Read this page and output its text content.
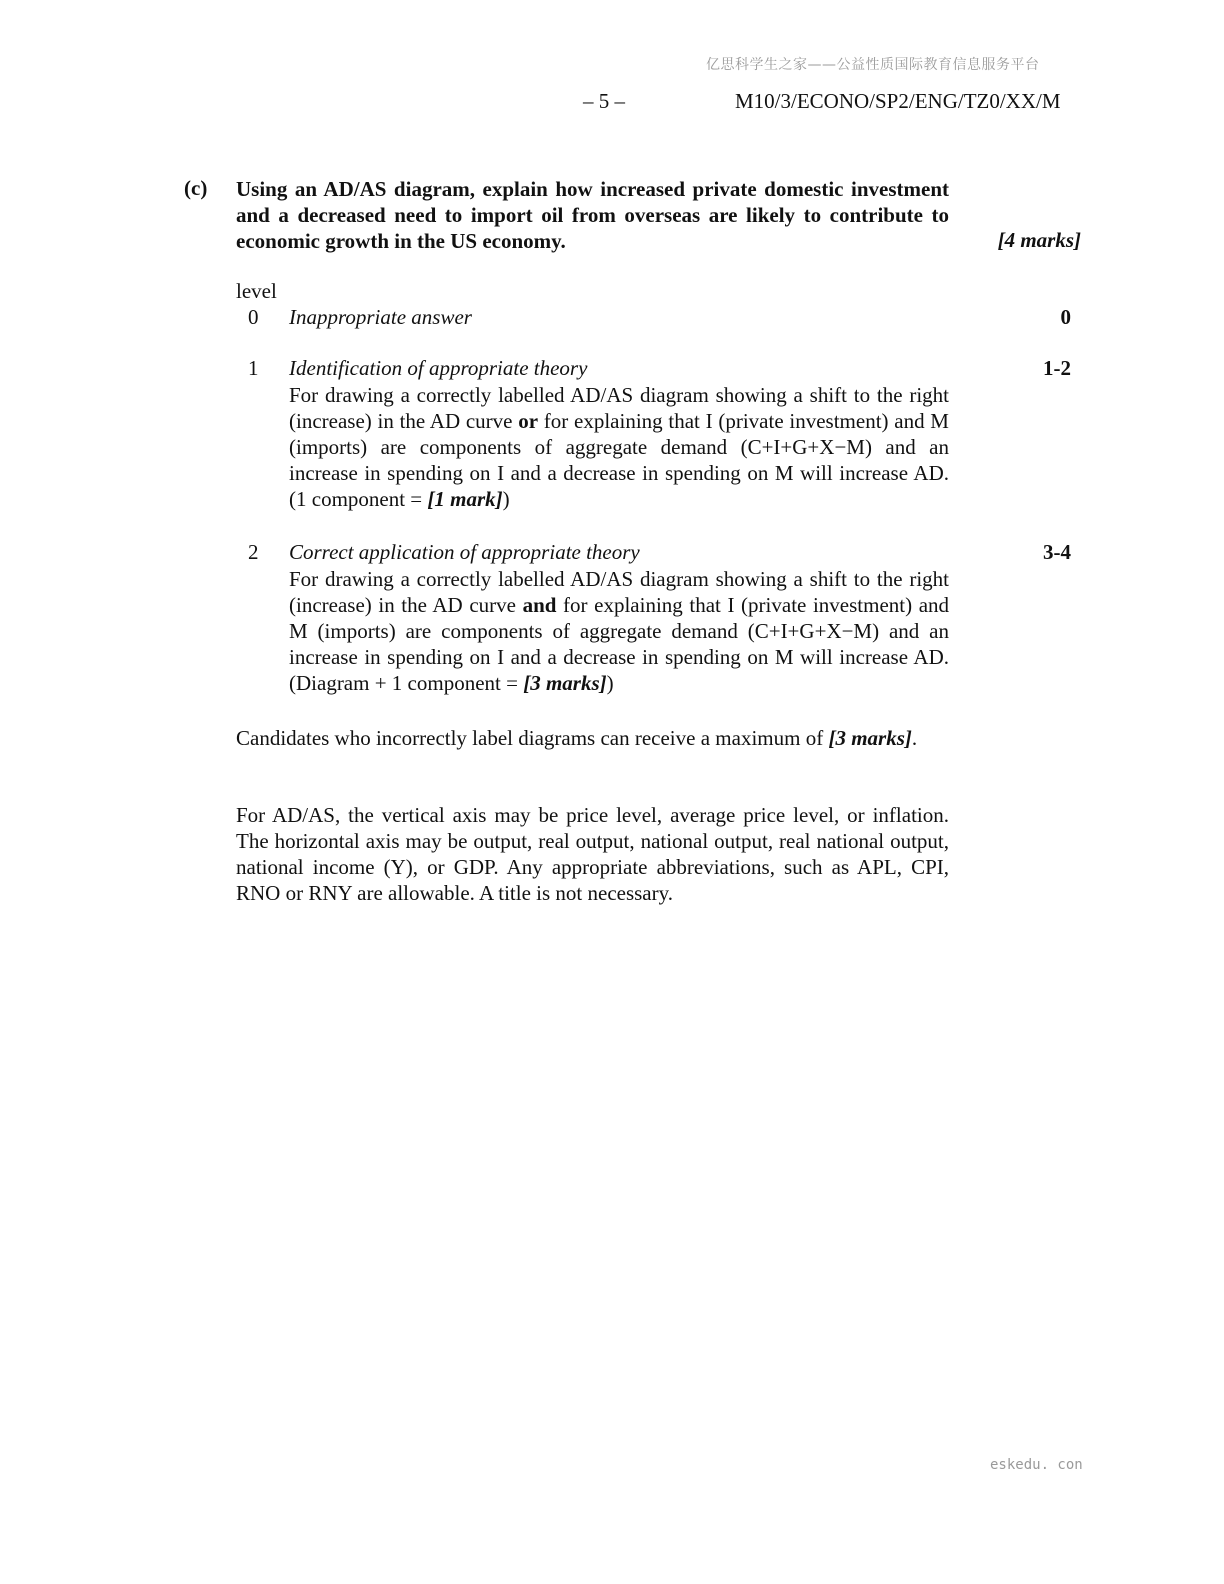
亿思科学生之家——公益性质国际教育信息服务平台
– 5 –	M10/3/ECONO/SP2/ENG/TZ0/XX/M
(c) Using an AD/AS diagram, explain how increased private domestic investment and a decreased need to import oil from overseas are likely to contribute to economic growth in the US economy.	[4 marks]
level
0 Inappropriate answer	0
1 Identification of appropriate theory	1-2
For drawing a correctly labelled AD/AS diagram showing a shift to the right (increase) in the AD curve or for explaining that I (private investment) and M (imports) are components of aggregate demand (C+I+G+X−M) and an increase in spending on I and a decrease in spending on M will increase AD. (1 component = [1 mark])
2 Correct application of appropriate theory	3-4
For drawing a correctly labelled AD/AS diagram showing a shift to the right (increase) in the AD curve and for explaining that I (private investment) and M (imports) are components of aggregate demand (C+I+G+X−M) and an increase in spending on I and a decrease in spending on M will increase AD. (Diagram + 1 component = [3 marks])
Candidates who incorrectly label diagrams can receive a maximum of [3 marks].
For AD/AS, the vertical axis may be price level, average price level, or inflation. The horizontal axis may be output, real output, national output, real national output, national income (Y), or GDP. Any appropriate abbreviations, such as APL, CPI, RNO or RNY are allowable. A title is not necessary.
eskedu. con
